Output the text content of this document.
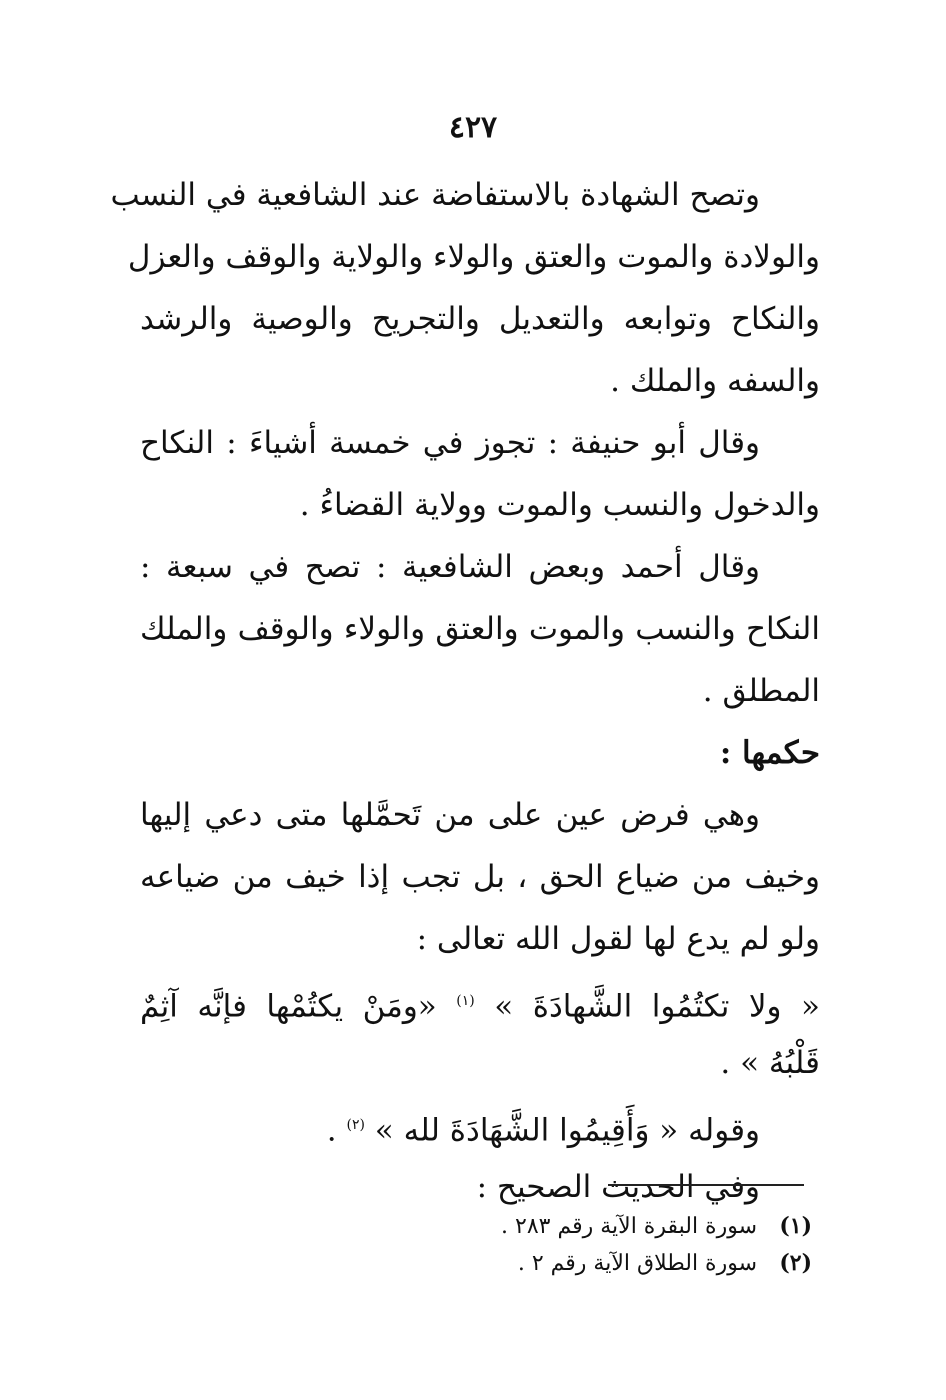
٤٢٧
وتصح الشهادة بالاستفاضة عند الشافعية في النسب
والولادة والموت والعتق والولاء والولاية والوقف والعزل
والنكاح وتوابعه والتعديل والتجريح والوصية والرشد
والسفه والملك .
وقال أبو حنيفة : تجوز في خمسة أشياءَ : النكاح
والدخول والنسب والموت وولاية القضاءُ .
وقال أحمد وبعض الشافعية : تصح في سبعة :
النكاح والنسب والموت والعتق والولاء والوقف والملك
المطلق .
حكمها :
وهي فرض عين على من تَحمَّلها متى دعي إليها
وخيف من ضياع الحق ، بل تجب إذا خيف من ضياعه
ولو لم يدع لها لقول الله تعالى :
« ولا تكتُمُوا الشَّهادَةَ » $^{(١)}$ «ومَنْ يكتُمْها فإنَّه آثِمٌ
قَلْبُهُ » .
وقوله « وَأَقِيمُوا الشَّهَادَةَ لله » $^{(٢)}$ .
وفي الحديث الصحيح :
(١) سورة البقرة الآية رقم ٢٨٣ .
(٢) سورة الطلاق الآية رقم ٢ .
